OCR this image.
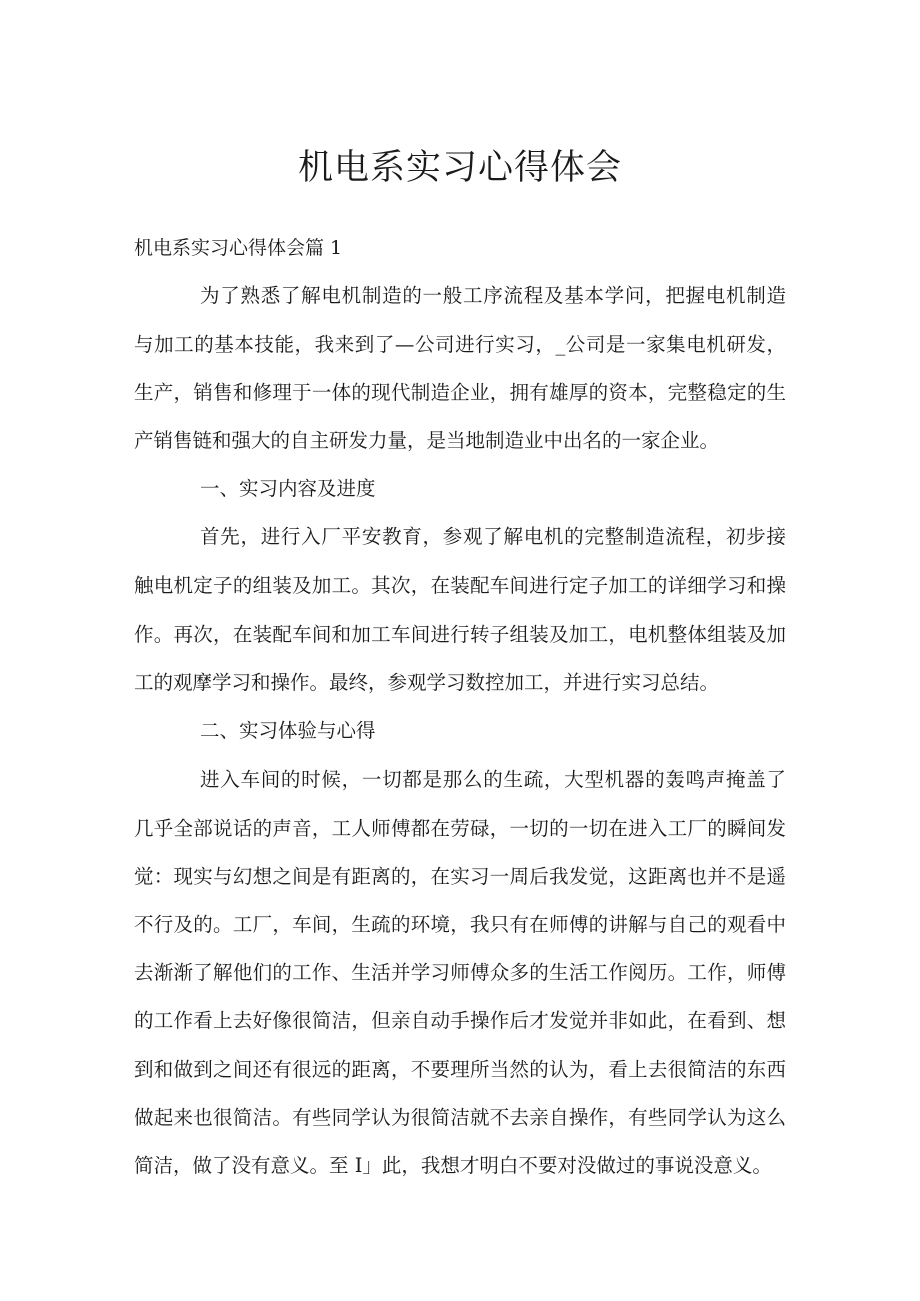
机电系实习心得体会

机电系实习心得体会篇 1

为了熟悉了解电机制造的一般工序流程及基本学问，把握电机制造

与加工的基本技能，我来到了—公司进行实习，_公司是一家集电机研发，

生产，销售和修理于一体的现代制造企业，拥有雄厚的资本，完整稳定的生

产销售链和强大的自主研发力量，是当地制造业中出名的一家企业。

一、实习内容及进度

首先，进行入厂平安教育，参观了解电机的完整制造流程，初步接

触电机定子的组装及加工。其次，在装配车间进行定子加工的详细学习和操

作。再次，在装配车间和加工车间进行转子组装及加工，电机整体组装及加

工的观摩学习和操作。最终，参观学习数控加工，并进行实习总结。

二、实习体验与心得

进入车间的时候，一切都是那么的生疏，大型机器的轰鸣声掩盖了

几乎全部说话的声音，工人师傅都在劳碌，一切的一切在进入工厂的瞬间发

觉：现实与幻想之间是有距离的，在实习一周后我发觉，这距离也并不是遥

不行及的。工厂，车间，生疏的环境，我只有在师傅的讲解与自己的观看中

去渐渐了解他们的工作、生活并学习师傅众多的生活工作阅历。工作，师傅

的工作看上去好像很简洁，但亲自动手操作后才发觉并非如此，在看到、想

到和做到之间还有很远的距离，不要理所当然的认为，看上去很简洁的东西

做起来也很简洁。有些同学认为很简洁就不去亲自操作，有些同学认为这么

简洁，做了没有意义。至 I」此，我想才明白不要对没做过的事说没意义。
